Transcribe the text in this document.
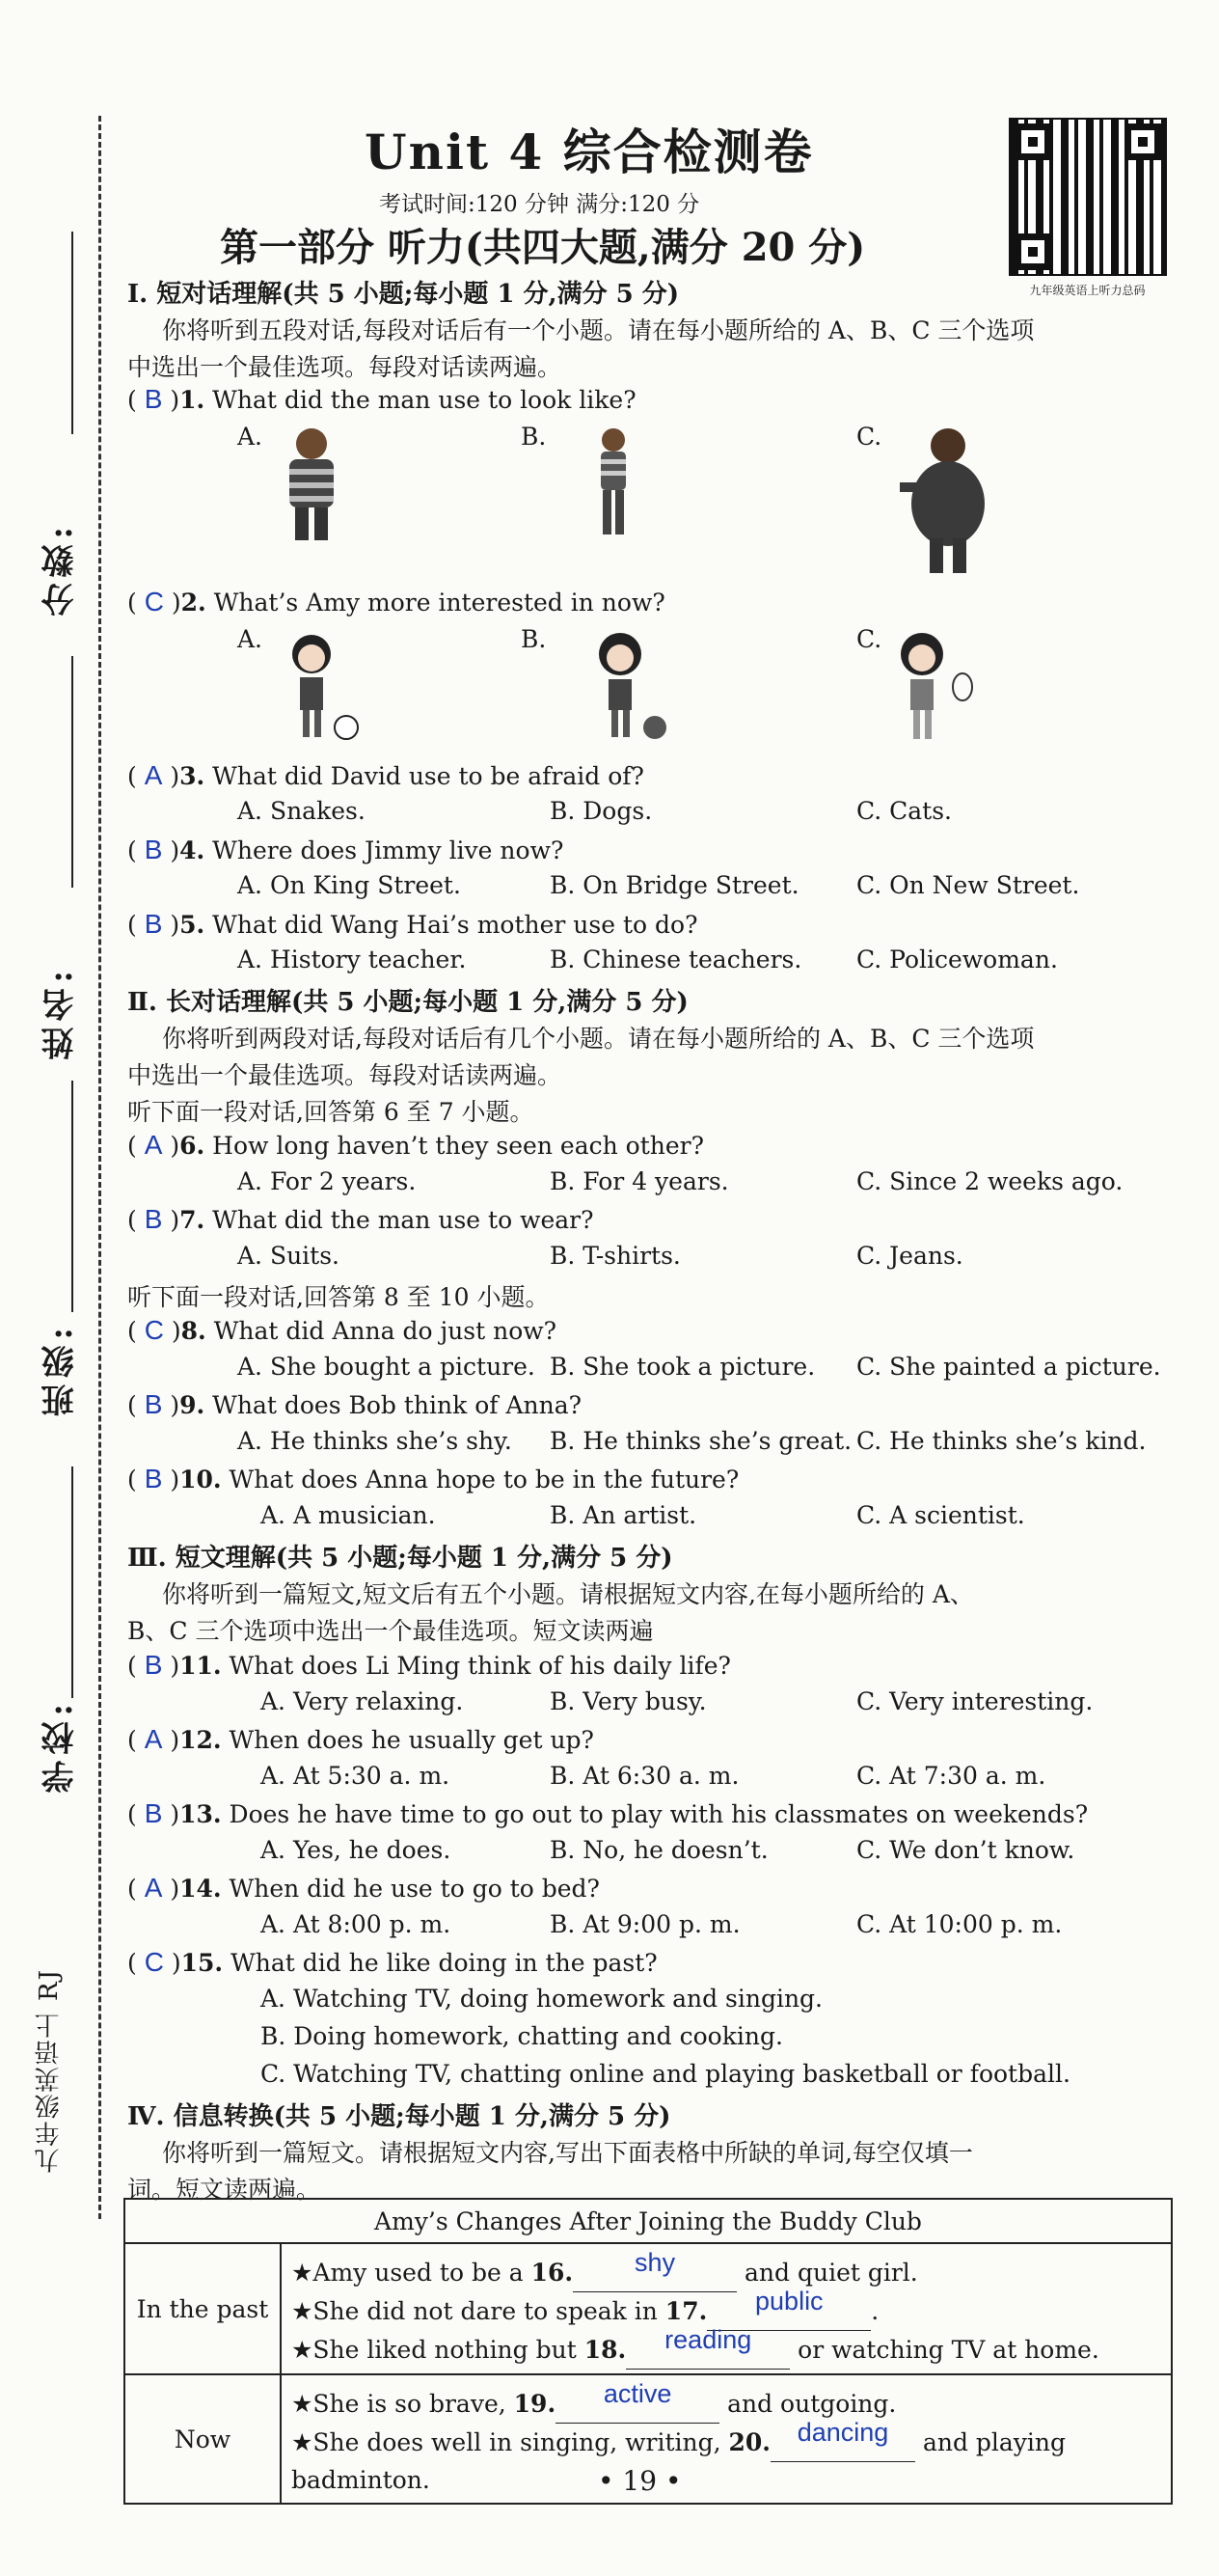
分数:
姓名:
班级:
学校:
九年级英语上 RJ
Unit 4 综合检测卷
考试时间:120 分钟 满分:120 分
第一部分 听力(共四大题,满分 20 分)
九年级英语上听力总码
Ⅰ. 短对话理解(共 5 小题;每小题 1 分,满分 5 分)
你将听到五段对话,每段对话后有一个小题。请在每小题所给的 A、B、C 三个选项
中选出一个最佳选项。每段对话读两遍。
( B )1. What did the man use to look like?
A.	B.	C.
( C )2. What’s Amy more interested in now?
A.	B.	C.
( A )3. What did David use to be afraid of?
A. Snakes.	B. Dogs.	C. Cats.
( B )4. Where does Jimmy live now?
A. On King Street.	B. On Bridge Street. C. On New Street.
( B )5. What did Wang Hai’s mother use to do?
A. History teacher.	B. Chinese teachers. C. Policewoman.
Ⅱ. 长对话理解(共 5 小题;每小题 1 分,满分 5 分)
你将听到两段对话,每段对话后有几个小题。请在每小题所给的 A、B、C 三个选项
中选出一个最佳选项。每段对话读两遍。
听下面一段对话,回答第 6 至 7 小题。
( A )6. How long haven’t they seen each other?
A. For 2 years.	B. For 4 years.	C. Since 2 weeks ago.
( B )7. What did the man use to wear?
A. Suits.	B. T-shirts.	C. Jeans.
听下面一段对话,回答第 8 至 10 小题。
( C )8. What did Anna do just now?
A. She bought a picture. B. She took a picture. C. She painted a picture.
( B )9. What does Bob think of Anna?
A. He thinks she’s shy. B. He thinks she’s great. C. He thinks she’s kind.
( B )10. What does Anna hope to be in the future?
A. A musician.	B. An artist.	C. A scientist.
Ⅲ. 短文理解(共 5 小题;每小题 1 分,满分 5 分)
你将听到一篇短文,短文后有五个小题。请根据短文内容,在每小题所给的 A、
B、C 三个选项中选出一个最佳选项。短文读两遍
( B )11. What does Li Ming think of his daily life?
A. Very relaxing.	B. Very busy.	C. Very interesting.
( A )12. When does he usually get up?
A. At 5:30 a. m.	B. At 6:30 a. m.	C. At 7:30 a. m.
( B )13. Does he have time to go out to play with his classmates on weekends?
A. Yes, he does.	B. No, he doesn’t.	C. We don’t know.
( A )14. When did he use to go to bed?
A. At 8:00 p. m.	B. At 9:00 p. m.	C. At 10:00 p. m.
( C )15. What did he like doing in the past?
A. Watching TV, doing homework and singing.
B. Doing homework, chatting and cooking.
C. Watching TV, chatting online and playing basketball or football.
Ⅳ. 信息转换(共 5 小题;每小题 1 分,满分 5 分)
你将听到一篇短文。请根据短文内容,写出下面表格中所缺的单词,每空仅填一
词。短文读两遍。
Amy’s Changes After Joining the Buddy Club	
In the past	★Amy used to be a 16. shy and quiet girl.
★She did not dare to speak in 17. public .
★She liked nothing but 18. reading or watching TV at home.

Now	★She is so brave, 19. active and outgoing.
★She does well in singing, writing, 20. dancing and playing badminton.	• 19 •
